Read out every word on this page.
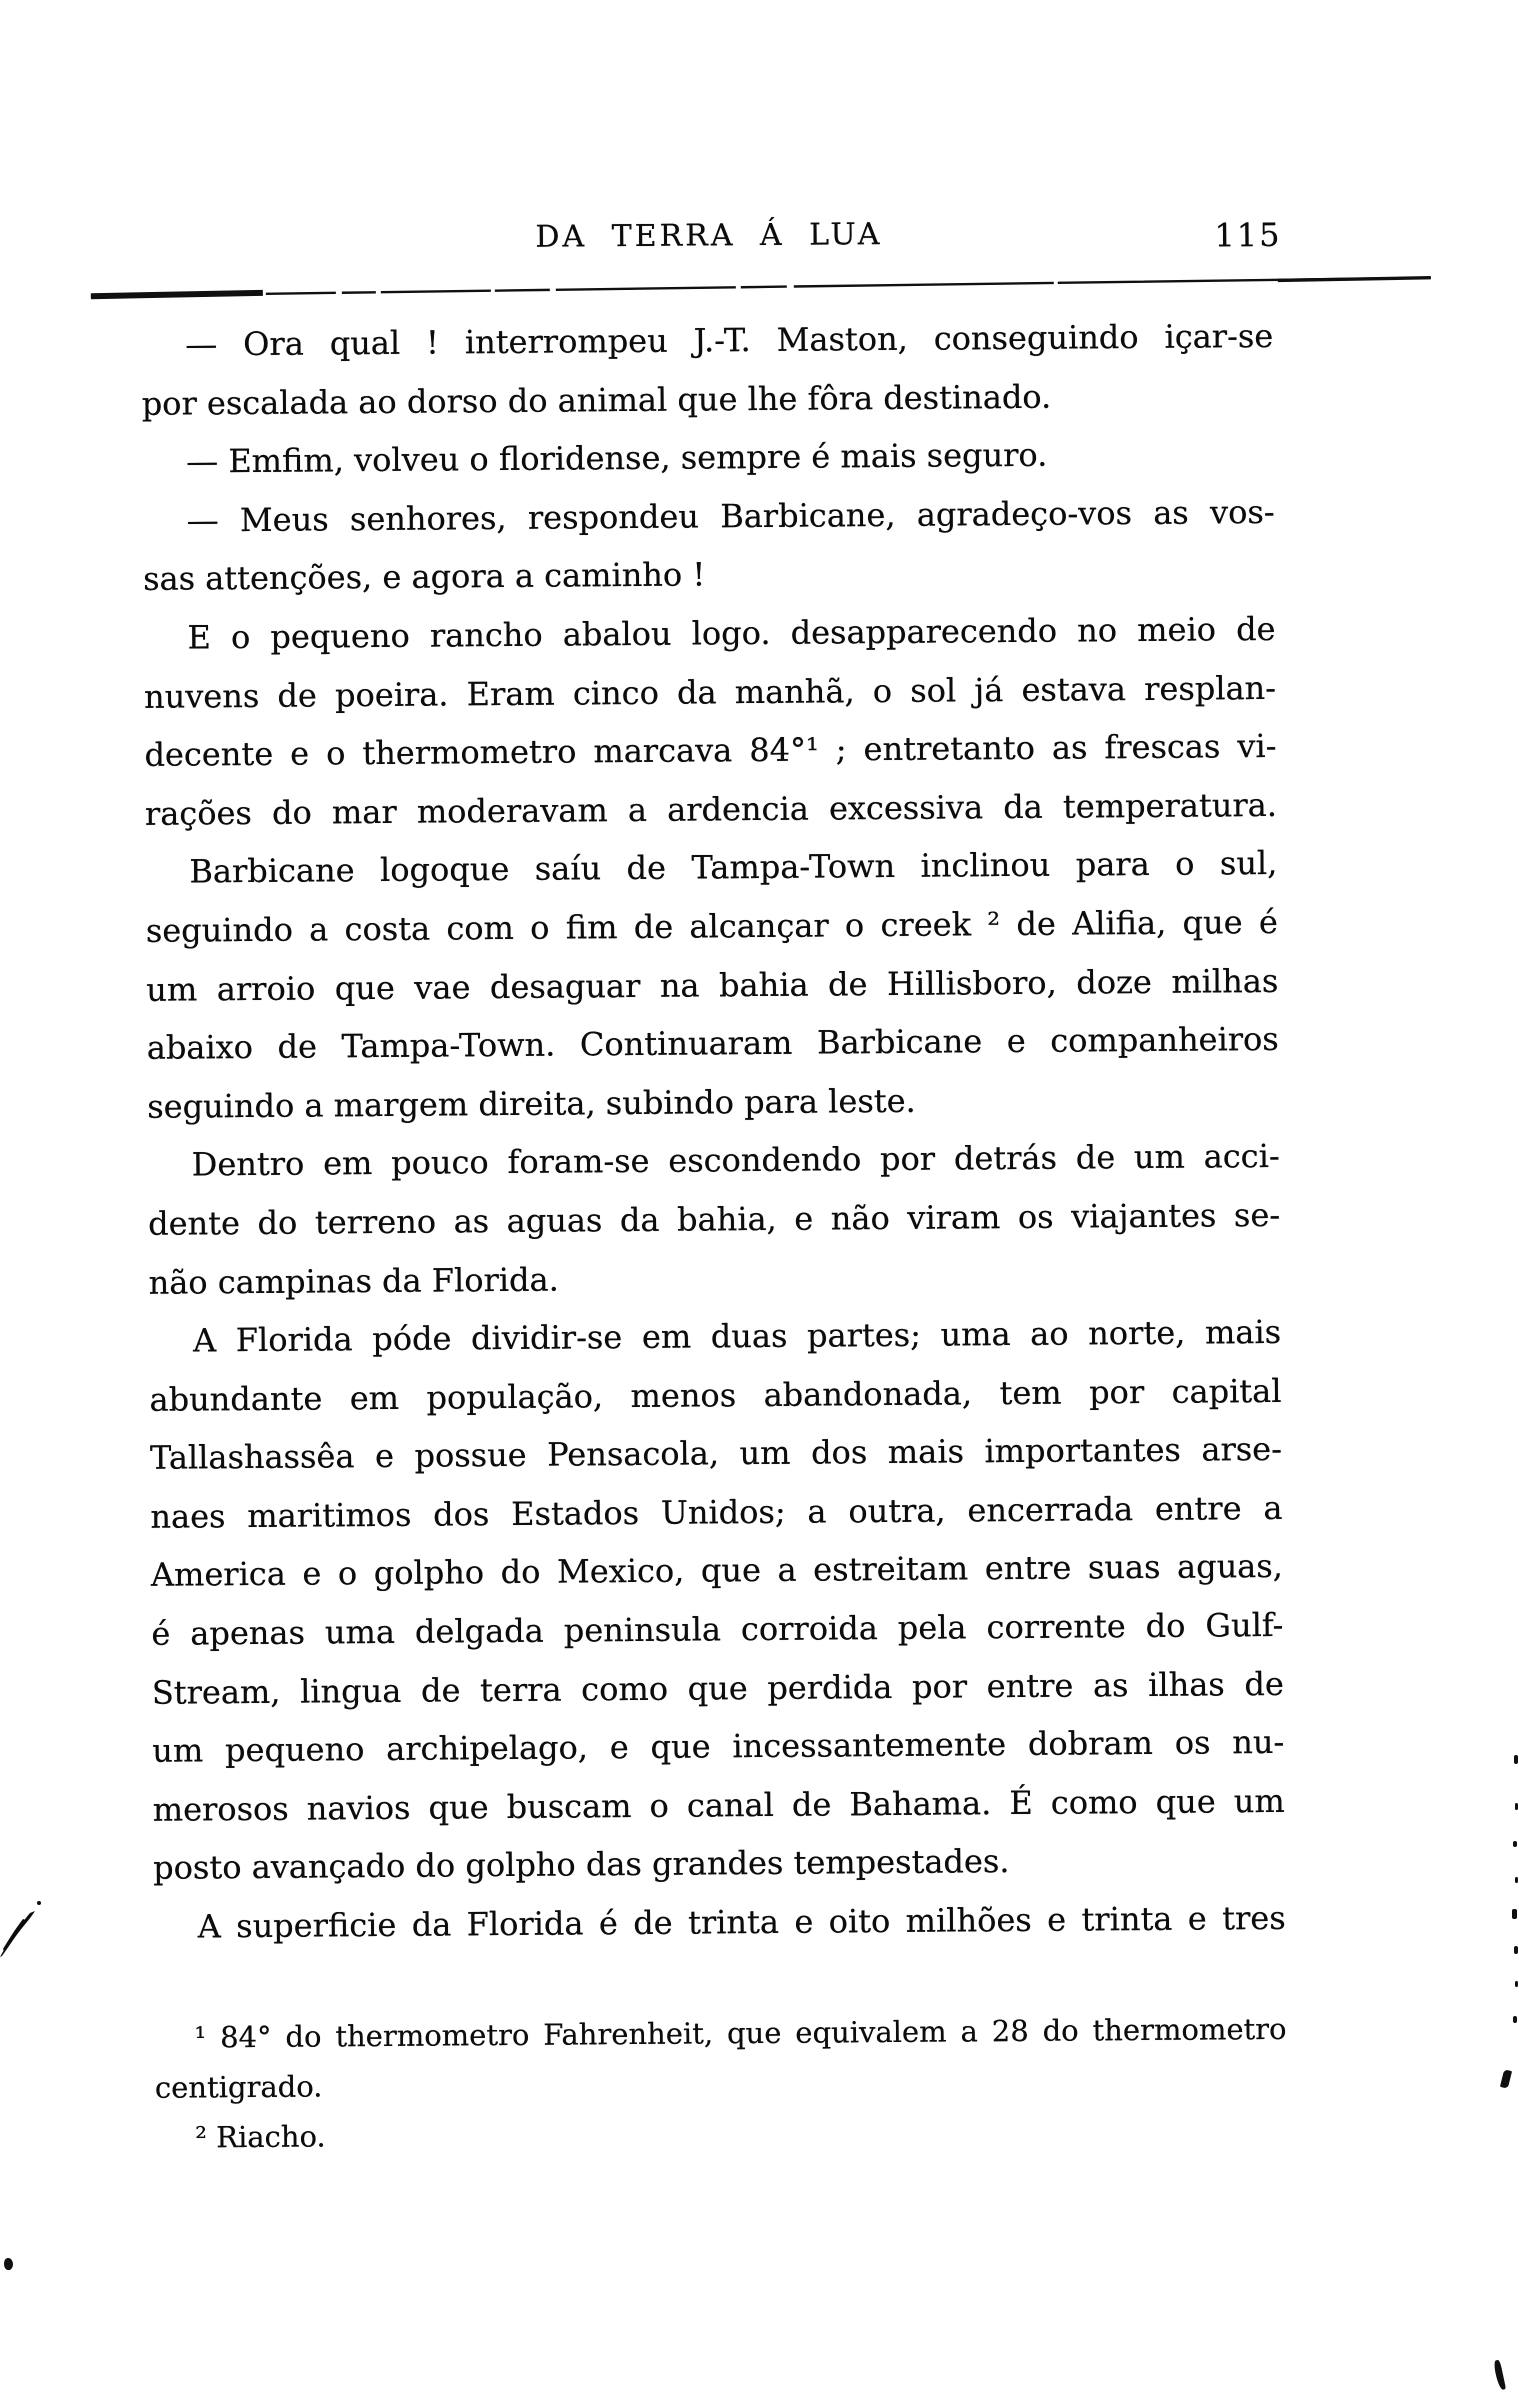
DA TERRA Á LUA	115
— Ora qual ! interrompeu J.-T. Maston, conseguindo içar-se
por escalada ao dorso do animal que lhe fôra destinado.
— Emfim, volveu o floridense, sempre é mais seguro.
— Meus senhores, respondeu Barbicane, agradeço-vos as vos-
sas attenções, e agora a caminho !
E o pequeno rancho abalou logo. desapparecendo no meio de
nuvens de poeira. Eram cinco da manhã, o sol já estava resplan-
decente e o thermometro marcava 84°¹ ; entretanto as frescas vi-
rações do mar moderavam a ardencia excessiva da temperatura.
Barbicane logoque saíu de Tampa-Town inclinou para o sul,
seguindo a costa com o fim de alcançar o creek ² de Alifia, que é
um arroio que vae desaguar na bahia de Hillisboro, doze milhas
abaixo de Tampa-Town. Continuaram Barbicane e companheiros
seguindo a margem direita, subindo para leste.
Dentro em pouco foram-se escondendo por detrás de um acci-
dente do terreno as aguas da bahia, e não viram os viajantes se-
não campinas da Florida.
A Florida póde dividir-se em duas partes; uma ao norte, mais
abundante em população, menos abandonada, tem por capital
Tallashassêa e possue Pensacola, um dos mais importantes arse-
naes maritimos dos Estados Unidos; a outra, encerrada entre a
America e o golpho do Mexico, que a estreitam entre suas aguas,
é apenas uma delgada peninsula corroida pela corrente do Gulf-
Stream, lingua de terra como que perdida por entre as ilhas de
um pequeno archipelago, e que incessantemente dobram os nu-
merosos navios que buscam o canal de Bahama. É como que um
posto avançado do golpho das grandes tempestades.
A superficie da Florida é de trinta e oito milhões e trinta e tres
¹ 84° do thermometro Fahrenheit, que equivalem a 28 do thermometro
centigrado.
² Riacho.
